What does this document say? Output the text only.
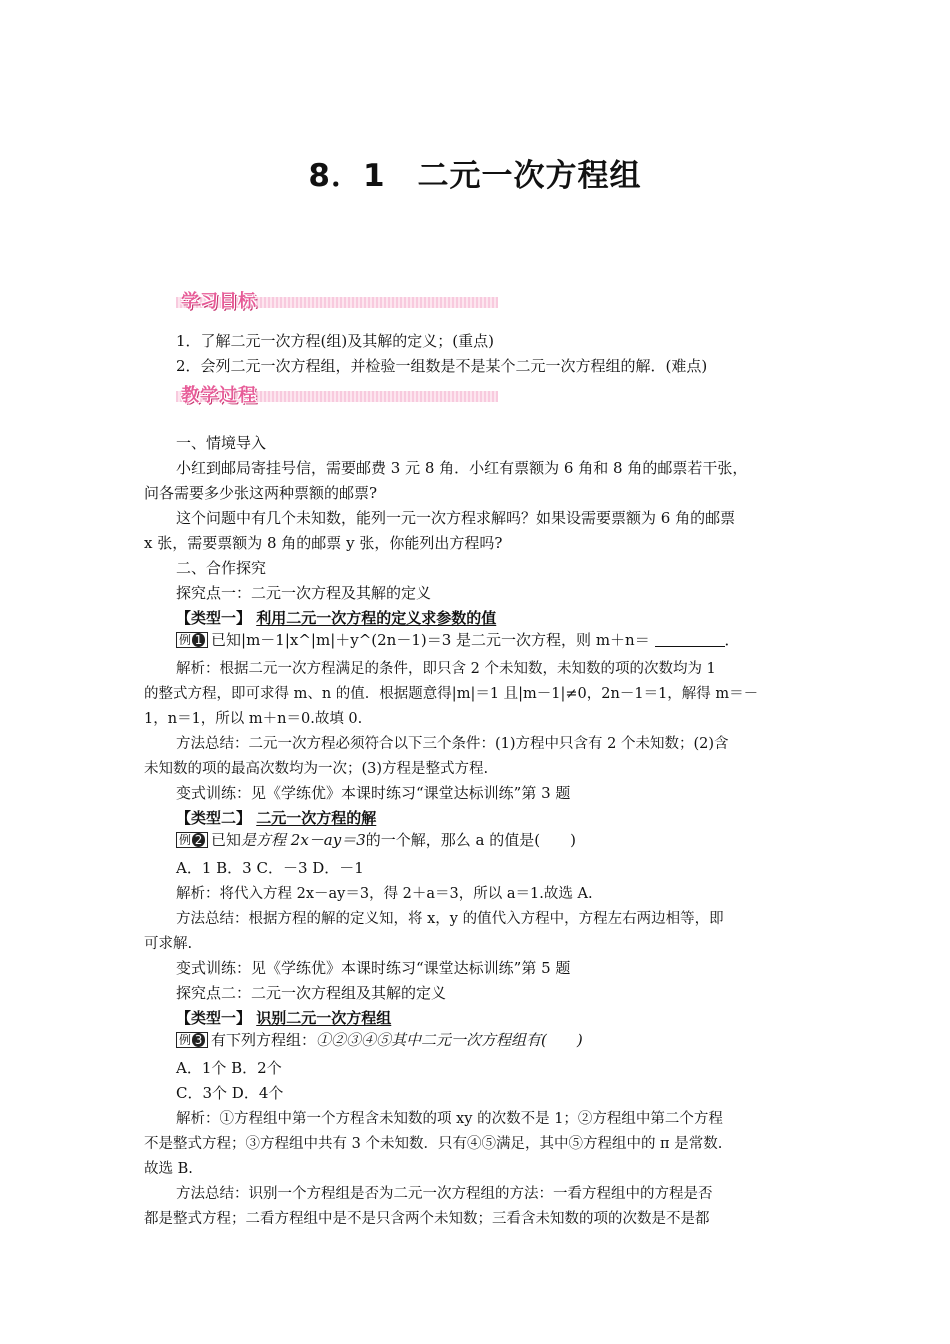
8．1　二元一次方程组
学习目标
1．了解二元一次方程(组)及其解的定义；(重点)
2．会列二元一次方程组，并检验一组数是不是某个二元一次方程组的解．(难点)
教学过程
一、情境导入
小红到邮局寄挂号信，需要邮费 3 元 8 角．小红有票额为 6 角和 8 角的邮票若干张，
问各需要多少张这两种票额的邮票?
这个问题中有几个未知数，能列一元一次方程求解吗？如果设需要票额为 6 角的邮票
x 张，需要票额为 8 角的邮票 y 张，你能列出方程吗?
二、合作探究
探究点一：二元一次方程及其解的定义
【类型一】 利用二元一次方程的定义求参数的值
例 1 已知|m－1|x^|m|＋y^(2n－1)＝3 是二元一次方程，则 m＋n＝	．
解析：根据二元一次方程满足的条件，即只含 2 个未知数，未知数的项的次数均为 1
的整式方程，即可求得 m、n 的值．根据题意得|m|＝1 且|m－1|≠0，2n－1＝1，解得 m＝－
1，n＝1，所以 m＋n＝0.故填 0.
方法总结：二元一次方程必须符合以下三个条件：(1)方程中只含有 2 个未知数；(2)含
未知数的项的最高次数均为一次；(3)方程是整式方程.
变式训练：见《学练优》本课时练习“课堂达标训练”第 3 题
【类型二】 二元一次方程的解
例 2 已知是方程 2x－ay＝3的一个解，那么 a 的值是(　　)
A．1 B．3 C．－3 D．－1
解析：将代入方程 2x－ay＝3，得 2＋a＝3，所以 a＝1.故选 A.
方法总结：根据方程的解的定义知，将 x，y 的值代入方程中，方程左右两边相等，即
可求解.
变式训练：见《学练优》本课时练习“课堂达标训练”第 5 题
探究点二：二元一次方程组及其解的定义
【类型一】 识别二元一次方程组
例 3 有下列方程组：①②③④⑤其中二元一次方程组有(　　)
A．1个 B．2个
C．3个 D．4个
解析：①方程组中第一个方程含未知数的项 xy 的次数不是 1；②方程组中第二个方程
不是整式方程；③方程组中共有 3 个未知数．只有④⑤满足，其中⑤方程组中的 π 是常数.
故选 B.
方法总结：识别一个方程组是否为二元一次方程组的方法：一看方程组中的方程是否
都是整式方程；二看方程组中是不是只含两个未知数；三看含未知数的项的次数是不是都
